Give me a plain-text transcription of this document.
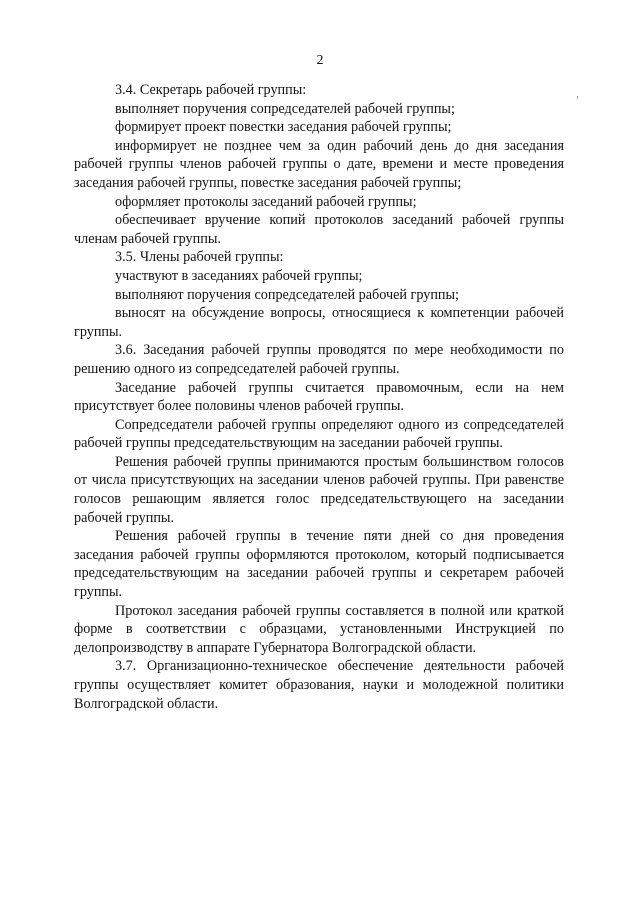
2

3.4. Секретарь рабочей группы:

выполняет поручения сопредседателей рабочей группы;

формирует проект повестки заседания рабочей группы;

информирует не позднее чем за один рабочий день до дня заседания рабочей группы членов рабочей группы о дате, времени и месте проведения заседания рабочей группы, повестке заседания рабочей группы;

оформляет протоколы заседаний рабочей группы;

обеспечивает вручение копий протоколов заседаний рабочей группы членам рабочей группы.

3.5. Члены рабочей группы:

участвуют в заседаниях рабочей группы;

выполняют поручения сопредседателей рабочей группы;

выносят на обсуждение вопросы, относящиеся к компетенции рабочей группы.

3.6. Заседания рабочей группы проводятся по мере необходимости по решению одного из сопредседателей рабочей группы.

Заседание рабочей группы считается правомочным, если на нем присутствует более половины членов рабочей группы.

Сопредседатели рабочей группы определяют одного из сопредседателей рабочей группы председательствующим на заседании рабочей группы.

Решения рабочей группы принимаются простым большинством голосов от числа присутствующих на заседании членов рабочей группы. При равенстве голосов решающим является голос председательствующего на заседании рабочей группы.

Решения рабочей группы в течение пяти дней со дня проведения заседания рабочей группы оформляются протоколом, который подписывается председательствующим на заседании рабочей группы и секретарем рабочей группы.

Протокол заседания рабочей группы составляется в полной или краткой форме в соответствии с образцами, установленными Инструкцией по делопроизводству в аппарате Губернатора Волгоградской области.

3.7. Организационно-техническое обеспечение деятельности рабочей группы осуществляет комитет образования, науки и молодежной политики Волгоградской области.
